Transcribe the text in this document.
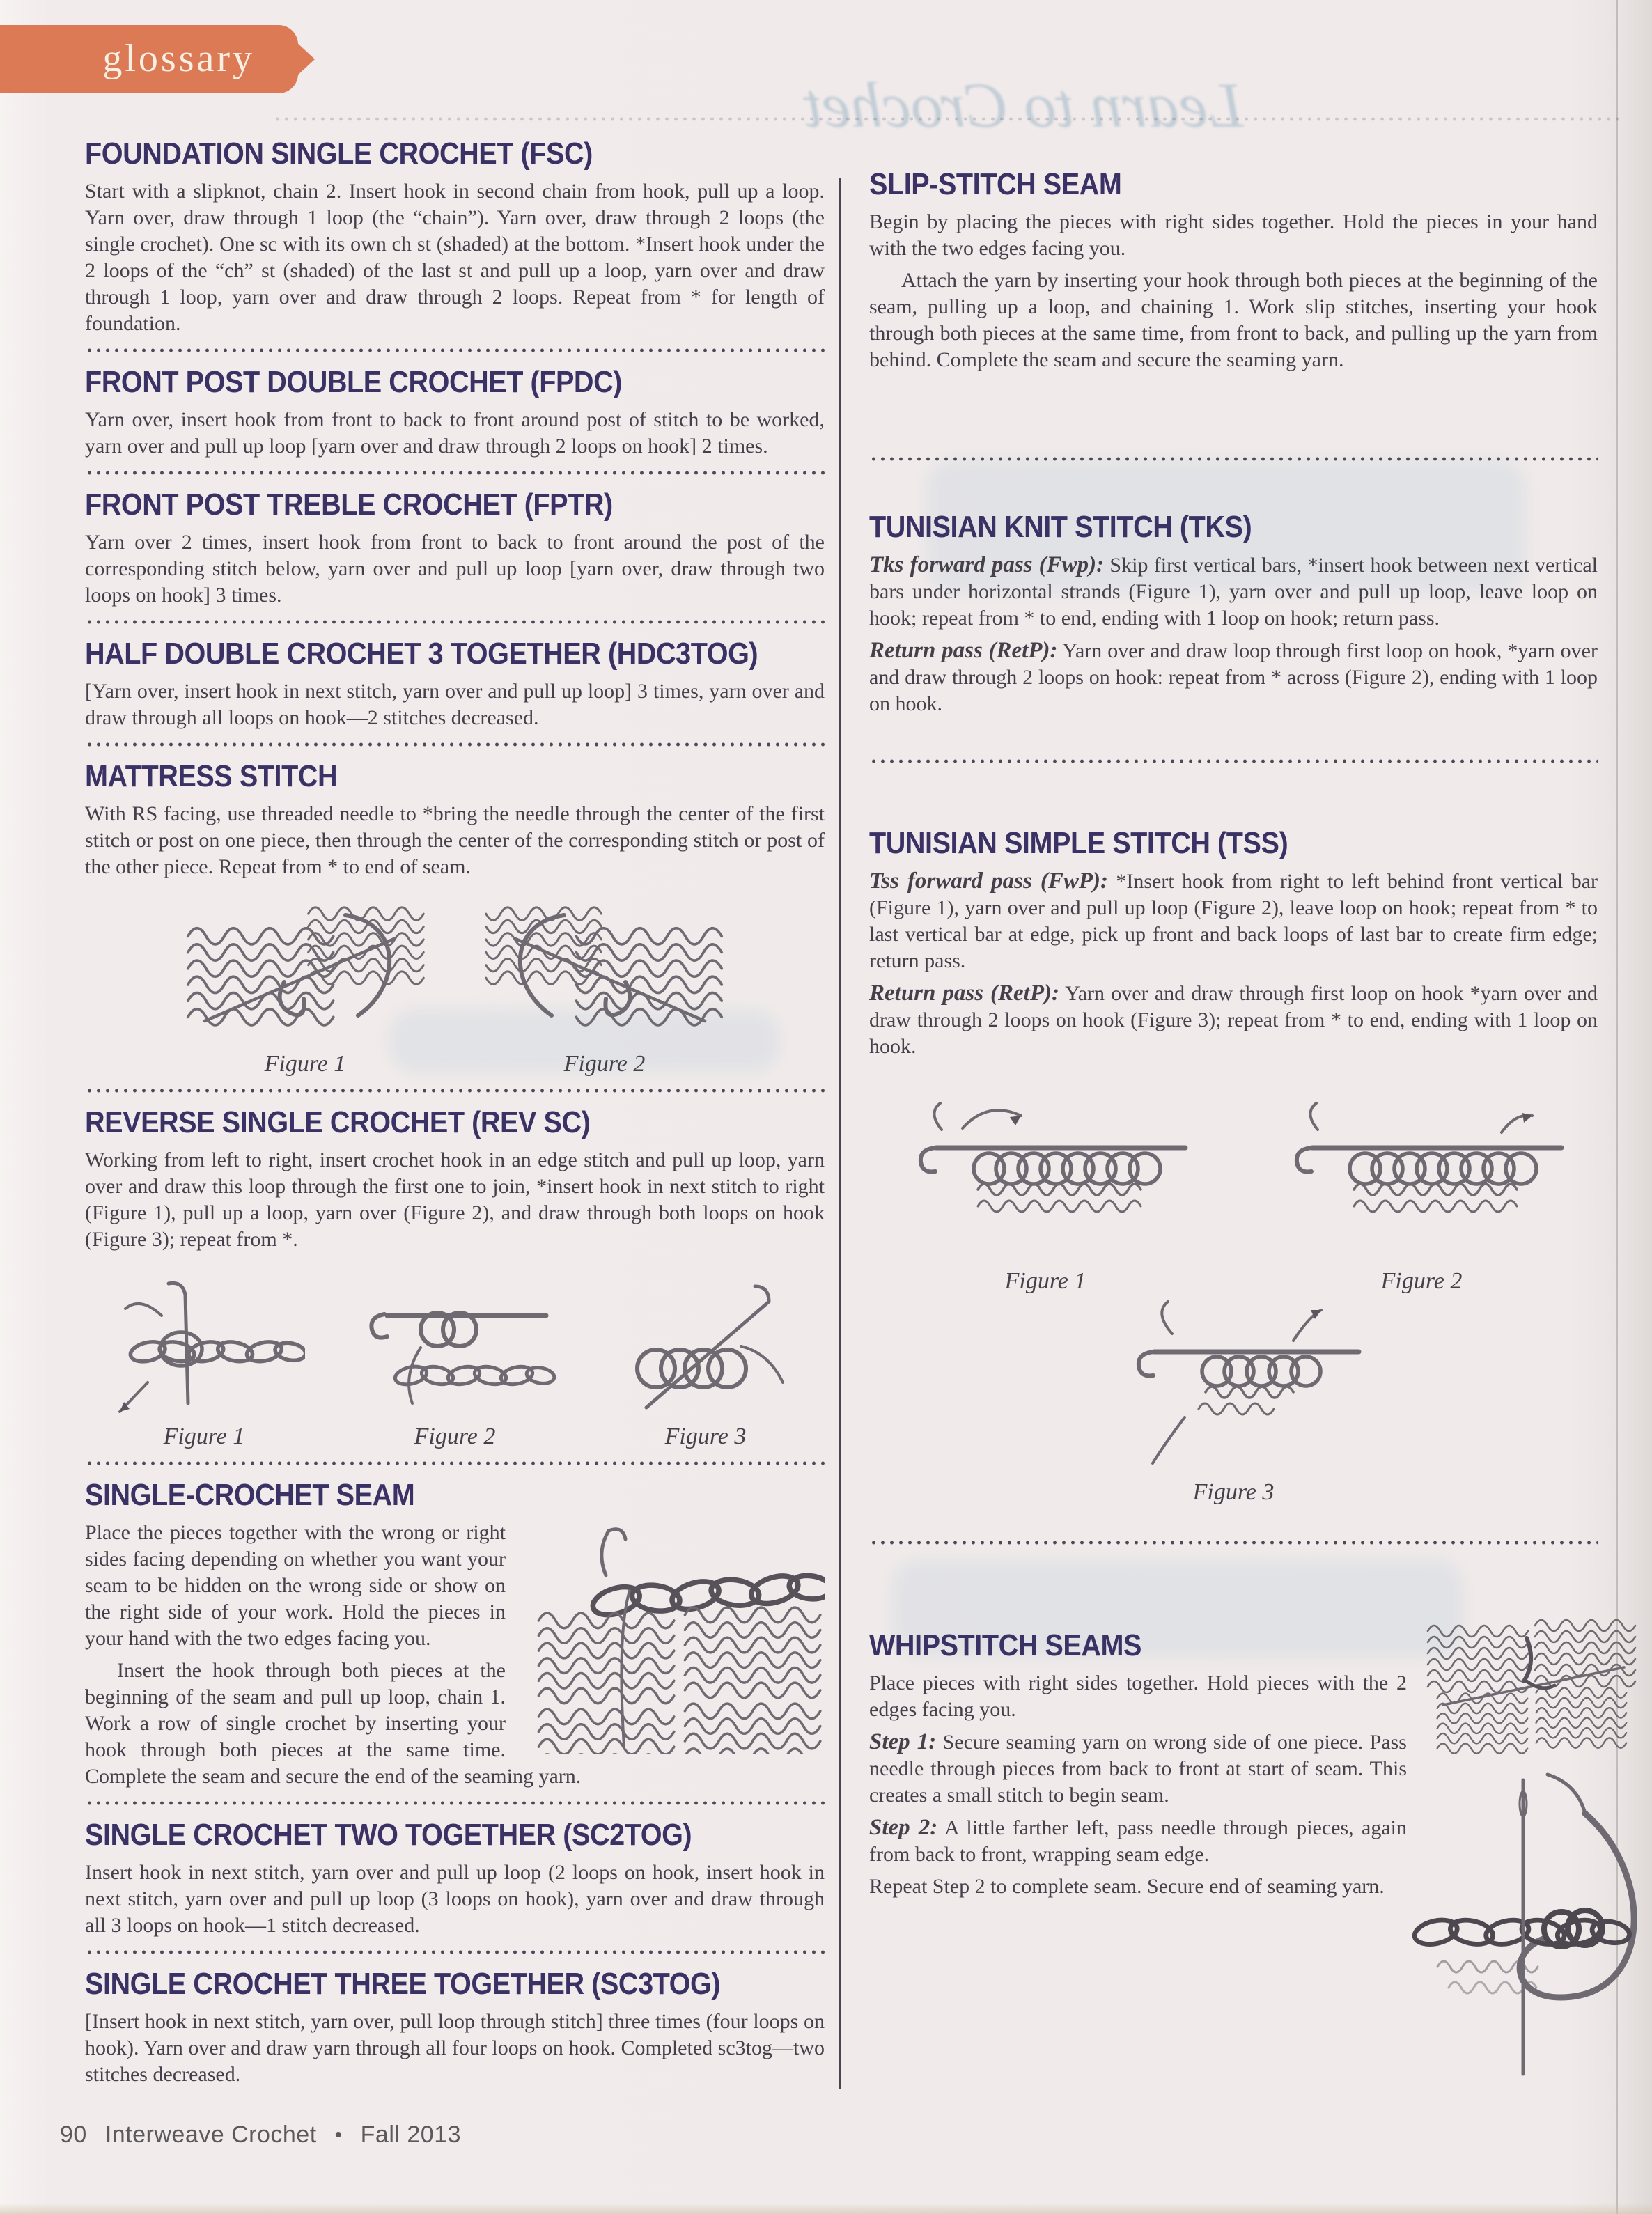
glossary
Learn to Crochet
FOUNDATION SINGLE CROCHET (FSC)

Start with a slipknot, chain 2. Insert hook in second chain from hook, pull up a loop. Yarn over, draw through 1 loop (the “chain”). Yarn over, draw through 2 loops (the single crochet). One sc with its own ch st (shaded) at the bottom. *Insert hook under the 2 loops of the “ch” st (shaded) of the last st and pull up a loop, yarn over and draw through 1 loop, yarn over and draw through 2 loops. Repeat from * for length of foundation.

FRONT POST DOUBLE CROCHET (FPDC)

Yarn over, insert hook from front to back to front around post of stitch to be worked, yarn over and pull up loop [yarn over and draw through 2 loops on hook] 2 times.

FRONT POST TREBLE CROCHET (FPTR)

Yarn over 2 times, insert hook from front to back to front around the post of the corresponding stitch below, yarn over and pull up loop [yarn over, draw through two loops on hook] 3 times.

HALF DOUBLE CROCHET 3 TOGETHER (HDC3TOG)

[Yarn over, insert hook in next stitch, yarn over and pull up loop] 3 times, yarn over and draw through all loops on hook—2 stitches decreased.

MATTRESS STITCH

With RS facing, use threaded needle to *bring the needle through the center of the first stitch or post on one piece, then through the center of the corresponding stitch or post of the other piece. Repeat from * to end of seam.

Figure 1	Figure 2
REVERSE SINGLE CROCHET (REV SC)

Working from left to right, insert crochet hook in an edge stitch and pull up loop, yarn over and draw this loop through the first one to join, *insert hook in next stitch to right (Figure 1), pull up a loop, yarn over (Figure 2), and draw through both loops on hook (Figure 3); repeat from *.

Figure 1	Figure 2	Figure 3
SINGLE-CROCHET SEAM

Place the pieces together with the wrong or right sides facing depending on whether you want your seam to be hidden on the wrong side or show on the right side of your work. Hold the pieces in your hand with the two edges facing you.

Insert the hook through both pieces at the beginning of the seam and pull up loop, chain 1. Work a row of single crochet by inserting your hook through both pieces at the same time. Complete the seam and secure the end of the seaming yarn.

SINGLE CROCHET TWO TOGETHER (SC2TOG)

Insert hook in next stitch, yarn over and pull up loop (2 loops on hook, insert hook in next stitch, yarn over and pull up loop (3 loops on hook), yarn over and draw through all 3 loops on hook—1 stitch decreased.

SINGLE CROCHET THREE TOGETHER (SC3TOG)

[Insert hook in next stitch, yarn over, pull loop through stitch] three times (four loops on hook). Yarn over and draw yarn through all four loops on hook. Completed sc3tog—two stitches decreased.

SLIP-STITCH SEAM

Begin by placing the pieces with right sides together. Hold the pieces in your hand with the two edges facing you.

Attach the yarn by inserting your hook through both pieces at the beginning of the seam, pulling up a loop, and chaining 1. Work slip stitches, inserting your hook through both pieces at the same time, from front to back, and pulling up the yarn from behind. Complete the seam and secure the seaming yarn.

TUNISIAN KNIT STITCH (TKS)

Tks forward pass (Fwp): Skip first vertical bars, *insert hook between next vertical bars under horizontal strands (Figure 1), yarn over and pull up loop, leave loop on hook; repeat from * to end, ending with 1 loop on hook; return pass.

Return pass (RetP): Yarn over and draw loop through first loop on hook, *yarn over and draw through 2 loops on hook: repeat from * across (Figure 2), ending with 1 loop on hook.

TUNISIAN SIMPLE STITCH (TSS)

Tss forward pass (FwP): *Insert hook from right to left behind front vertical bar (Figure 1), yarn over and pull up loop (Figure 2), leave loop on hook; repeat from * to last vertical bar at edge, pick up front and back loops of last bar to create firm edge; return pass.

Return pass (RetP): Yarn over and draw through first loop on hook *yarn over and draw through 2 loops on hook (Figure 3); repeat from * to end, ending with 1 loop on hook.

Figure 1	Figure 2
Figure 3
WHIPSTITCH SEAMS

Place pieces with right sides together. Hold pieces with the 2 edges facing you.

Step 1: Secure seaming yarn on wrong side of one piece. Pass needle through pieces from back to front at start of seam. This creates a small stitch to begin seam.

Step 2: A little farther left, pass needle through pieces, again from back to front, wrapping seam edge.

Repeat Step 2 to complete seam. Secure end of seaming yarn.

90 Interweave Crochet • Fall 2013
